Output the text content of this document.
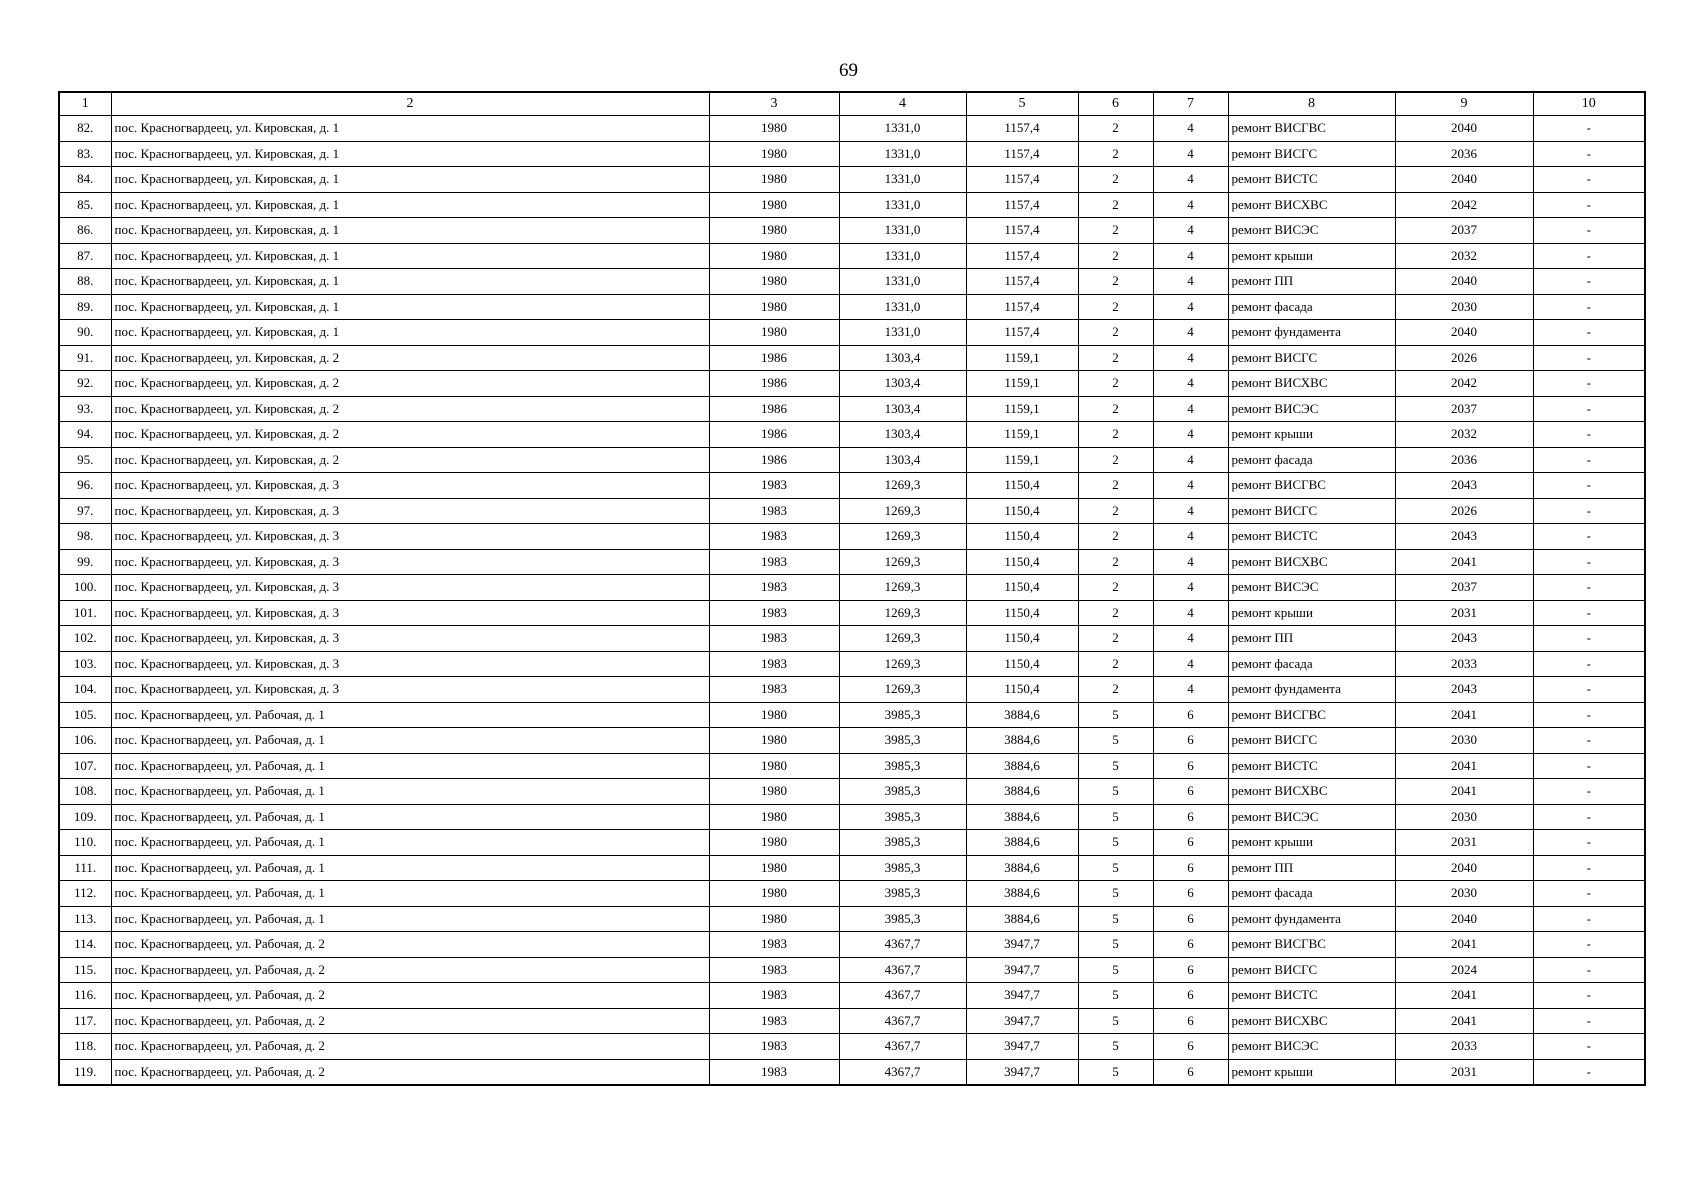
69
1	2	3	4	5	6	7	8	9	10
82.	пос. Красногвардеец, ул. Кировская, д. 1	1980	1331,0	1157,4	2	4	ремонт ВИСГВС	2040	-
83.	пос. Красногвардеец, ул. Кировская, д. 1	1980	1331,0	1157,4	2	4	ремонт ВИСГС	2036	-
84.	пос. Красногвардеец, ул. Кировская, д. 1	1980	1331,0	1157,4	2	4	ремонт ВИСТС	2040	-
85.	пос. Красногвардеец, ул. Кировская, д. 1	1980	1331,0	1157,4	2	4	ремонт ВИСХВС	2042	-
86.	пос. Красногвардеец, ул. Кировская, д. 1	1980	1331,0	1157,4	2	4	ремонт ВИСЭС	2037	-
87.	пос. Красногвардеец, ул. Кировская, д. 1	1980	1331,0	1157,4	2	4	ремонт крыши	2032	-
88.	пос. Красногвардеец, ул. Кировская, д. 1	1980	1331,0	1157,4	2	4	ремонт ПП	2040	-
89.	пос. Красногвардеец, ул. Кировская, д. 1	1980	1331,0	1157,4	2	4	ремонт фасада	2030	-
90.	пос. Красногвардеец, ул. Кировская, д. 1	1980	1331,0	1157,4	2	4	ремонт фундамента	2040	-
91.	пос. Красногвардеец, ул. Кировская, д. 2	1986	1303,4	1159,1	2	4	ремонт ВИСГС	2026	-
92.	пос. Красногвардеец, ул. Кировская, д. 2	1986	1303,4	1159,1	2	4	ремонт ВИСХВС	2042	-
93.	пос. Красногвардеец, ул. Кировская, д. 2	1986	1303,4	1159,1	2	4	ремонт ВИСЭС	2037	-
94.	пос. Красногвардеец, ул. Кировская, д. 2	1986	1303,4	1159,1	2	4	ремонт крыши	2032	-
95.	пос. Красногвардеец, ул. Кировская, д. 2	1986	1303,4	1159,1	2	4	ремонт фасада	2036	-
96.	пос. Красногвардеец, ул. Кировская, д. 3	1983	1269,3	1150,4	2	4	ремонт ВИСГВС	2043	-
97.	пос. Красногвардеец, ул. Кировская, д. 3	1983	1269,3	1150,4	2	4	ремонт ВИСГС	2026	-
98.	пос. Красногвардеец, ул. Кировская, д. 3	1983	1269,3	1150,4	2	4	ремонт ВИСТС	2043	-
99.	пос. Красногвардеец, ул. Кировская, д. 3	1983	1269,3	1150,4	2	4	ремонт ВИСХВС	2041	-
100.	пос. Красногвардеец, ул. Кировская, д. 3	1983	1269,3	1150,4	2	4	ремонт ВИСЭС	2037	-
101.	пос. Красногвардеец, ул. Кировская, д. 3	1983	1269,3	1150,4	2	4	ремонт крыши	2031	-
102.	пос. Красногвардеец, ул. Кировская, д. 3	1983	1269,3	1150,4	2	4	ремонт ПП	2043	-
103.	пос. Красногвардеец, ул. Кировская, д. 3	1983	1269,3	1150,4	2	4	ремонт фасада	2033	-
104.	пос. Красногвардеец, ул. Кировская, д. 3	1983	1269,3	1150,4	2	4	ремонт фундамента	2043	-
105.	пос. Красногвардеец, ул. Рабочая, д. 1	1980	3985,3	3884,6	5	6	ремонт ВИСГВС	2041	-
106.	пос. Красногвардеец, ул. Рабочая, д. 1	1980	3985,3	3884,6	5	6	ремонт ВИСГС	2030	-
107.	пос. Красногвардеец, ул. Рабочая, д. 1	1980	3985,3	3884,6	5	6	ремонт ВИСТС	2041	-
108.	пос. Красногвардеец, ул. Рабочая, д. 1	1980	3985,3	3884,6	5	6	ремонт ВИСХВС	2041	-
109.	пос. Красногвардеец, ул. Рабочая, д. 1	1980	3985,3	3884,6	5	6	ремонт ВИСЭС	2030	-
110.	пос. Красногвардеец, ул. Рабочая, д. 1	1980	3985,3	3884,6	5	6	ремонт крыши	2031	-
111.	пос. Красногвардеец, ул. Рабочая, д. 1	1980	3985,3	3884,6	5	6	ремонт ПП	2040	-
112.	пос. Красногвардеец, ул. Рабочая, д. 1	1980	3985,3	3884,6	5	6	ремонт фасада	2030	-
113.	пос. Красногвардеец, ул. Рабочая, д. 1	1980	3985,3	3884,6	5	6	ремонт фундамента	2040	-
114.	пос. Красногвардеец, ул. Рабочая, д. 2	1983	4367,7	3947,7	5	6	ремонт ВИСГВС	2041	-
115.	пос. Красногвардеец, ул. Рабочая, д. 2	1983	4367,7	3947,7	5	6	ремонт ВИСГС	2024	-
116.	пос. Красногвардеец, ул. Рабочая, д. 2	1983	4367,7	3947,7	5	6	ремонт ВИСТС	2041	-
117.	пос. Красногвардеец, ул. Рабочая, д. 2	1983	4367,7	3947,7	5	6	ремонт ВИСХВС	2041	-
118.	пос. Красногвардеец, ул. Рабочая, д. 2	1983	4367,7	3947,7	5	6	ремонт ВИСЭС	2033	-
119.	пос. Красногвардеец, ул. Рабочая, д. 2	1983	4367,7	3947,7	5	6	ремонт крыши	2031	-
